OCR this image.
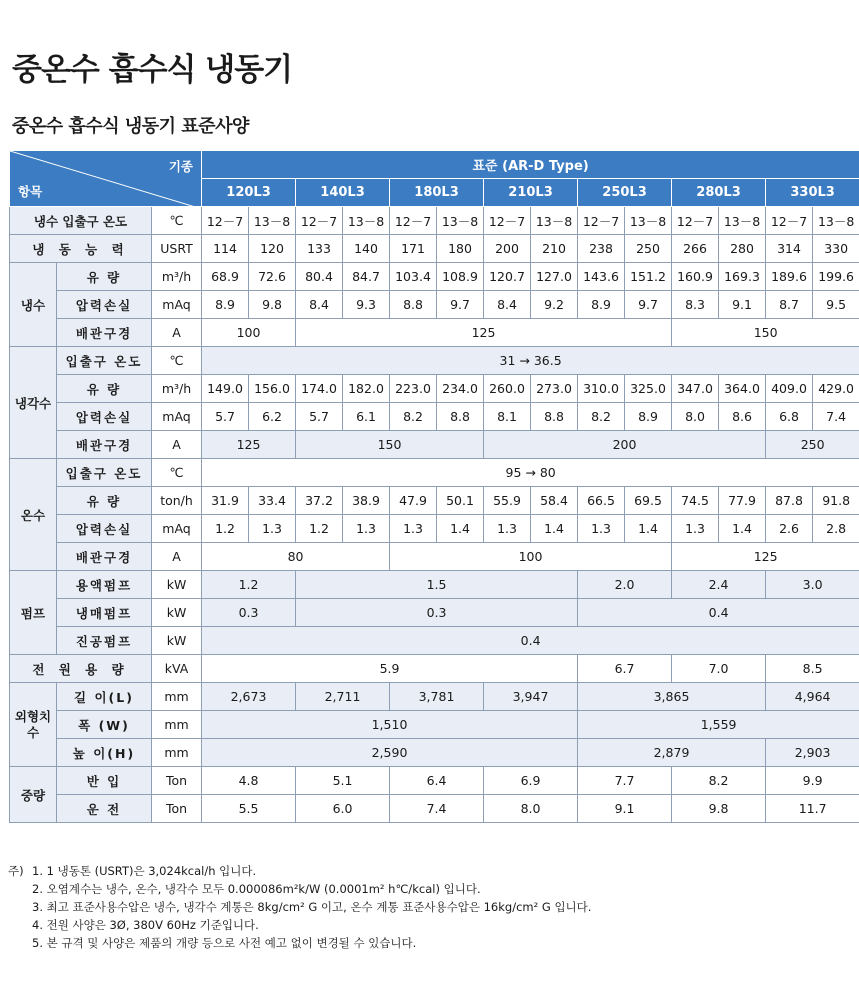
중온수 흡수식 냉동기
중온수 흡수식 냉동기 표준사양
기종
항목			표준 (AR-D Type)													
			120L3		140L3		180L3		210L3		250L3		280L3		330L3	
냉수 입출구 온도		℃	12－7	13－8	12－7	13－8	12－7	13－8	12－7	13－8	12－7	13－8	12－7	13－8	12－7	13－8
냉 동 능 력		USRT	114	120	133	140	171	180	200	210	238	250	266	280	314	330
냉수	유 량	m³/h	68.9	72.6	80.4	84.7	103.4	108.9	120.7	127.0	143.6	151.2	160.9	169.3	189.6	199.6
	압력손실	mAq	8.9	9.8	8.4	9.3	8.8	9.7	8.4	9.2	8.9	9.7	8.3	9.1	8.7	9.5
	배관구경	A	100		125								150			
냉각수	입출구 온도	℃	31 → 36.5													
	유 량	m³/h	149.0	156.0	174.0	182.0	223.0	234.0	260.0	273.0	310.0	325.0	347.0	364.0	409.0	429.0
	압력손실	mAq	5.7	6.2	5.7	6.1	8.2	8.8	8.1	8.8	8.2	8.9	8.0	8.6	6.8	7.4
	배관구경	A	125		150				200						250	
온수	입출구 온도	℃	95 → 80													
	유 량	ton/h	31.9	33.4	37.2	38.9	47.9	50.1	55.9	58.4	66.5	69.5	74.5	77.9	87.8	91.8
	압력손실	mAq	1.2	1.3	1.2	1.3	1.3	1.4	1.3	1.4	1.3	1.4	1.3	1.4	2.6	2.8
	배관구경	A	80				100						125			
펌프	용액펌프	kW	1.2		1.5						2.0		2.4		3.0	
	냉매펌프	kW	0.3		0.3						0.4					
	진공펌프	kW	0.4													
전 원 용 량		kVA	5.9								6.7		7.0		8.5	
외형치수	길 이(L)	mm	2,673		2,711		3,781		3,947		3,865				4,964	
	폭 (W)	mm	1,510								1,559					
	높 이(H)	mm	2,590								2,879				2,903	
중량	반 입	Ton	4.8		5.1		6.4		6.9		7.7		8.2		9.9	
	운 전	Ton	5.5		6.0		7.4		8.0		9.1		9.8		11.7	
주) 1. 1 냉동톤 (USRT)은 3,024kcal/h 입니다.
2. 오염계수는 냉수, 온수, 냉각수 모두 0.000086m²k/W (0.0001m² h℃/kcal) 입니다.
3. 최고 표준사용수압은 냉수, 냉각수 계통은 8kg/cm² G 이고, 온수 계통 표준사용수압은 16kg/cm² G 입니다.
4. 전원 사양은 3Ø, 380V 60Hz 기준입니다.
5. 본 규격 및 사양은 제품의 개량 등으로 사전 예고 없이 변경될 수 있습니다.
